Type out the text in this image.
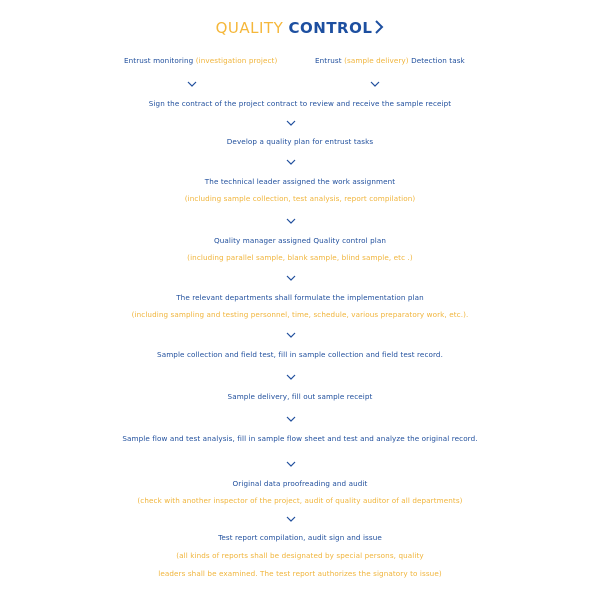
QUALITY CONTROL
Entrust monitoring (investigation project)	Entrust (sample delivery) Detection task
Sign the contract of the project contract to review and receive the sample receipt
Develop a quality plan for entrust tasks
The technical leader assigned the work assignment
(including sample collection, test analysis, report compilation)
Quality manager assigned Quality control plan
(including parallel sample, blank sample, blind sample, etc .)
The relevant departments shall formulate the implementation plan
(including sampling and testing personnel, time, schedule, various preparatory work, etc.).
Sample collection and field test, fill in sample collection and field test record.
Sample delivery, fill out sample receipt
Sample flow and test analysis, fill in sample flow sheet and test and analyze the original record.
Original data proofreading and audit
(check with another inspector of the project, audit of quality auditor of all departments)
Test report compilation, audit sign and issue
(all kinds of reports shall be designated by special persons, quality
leaders shall be examined. The test report authorizes the signatory to issue)
